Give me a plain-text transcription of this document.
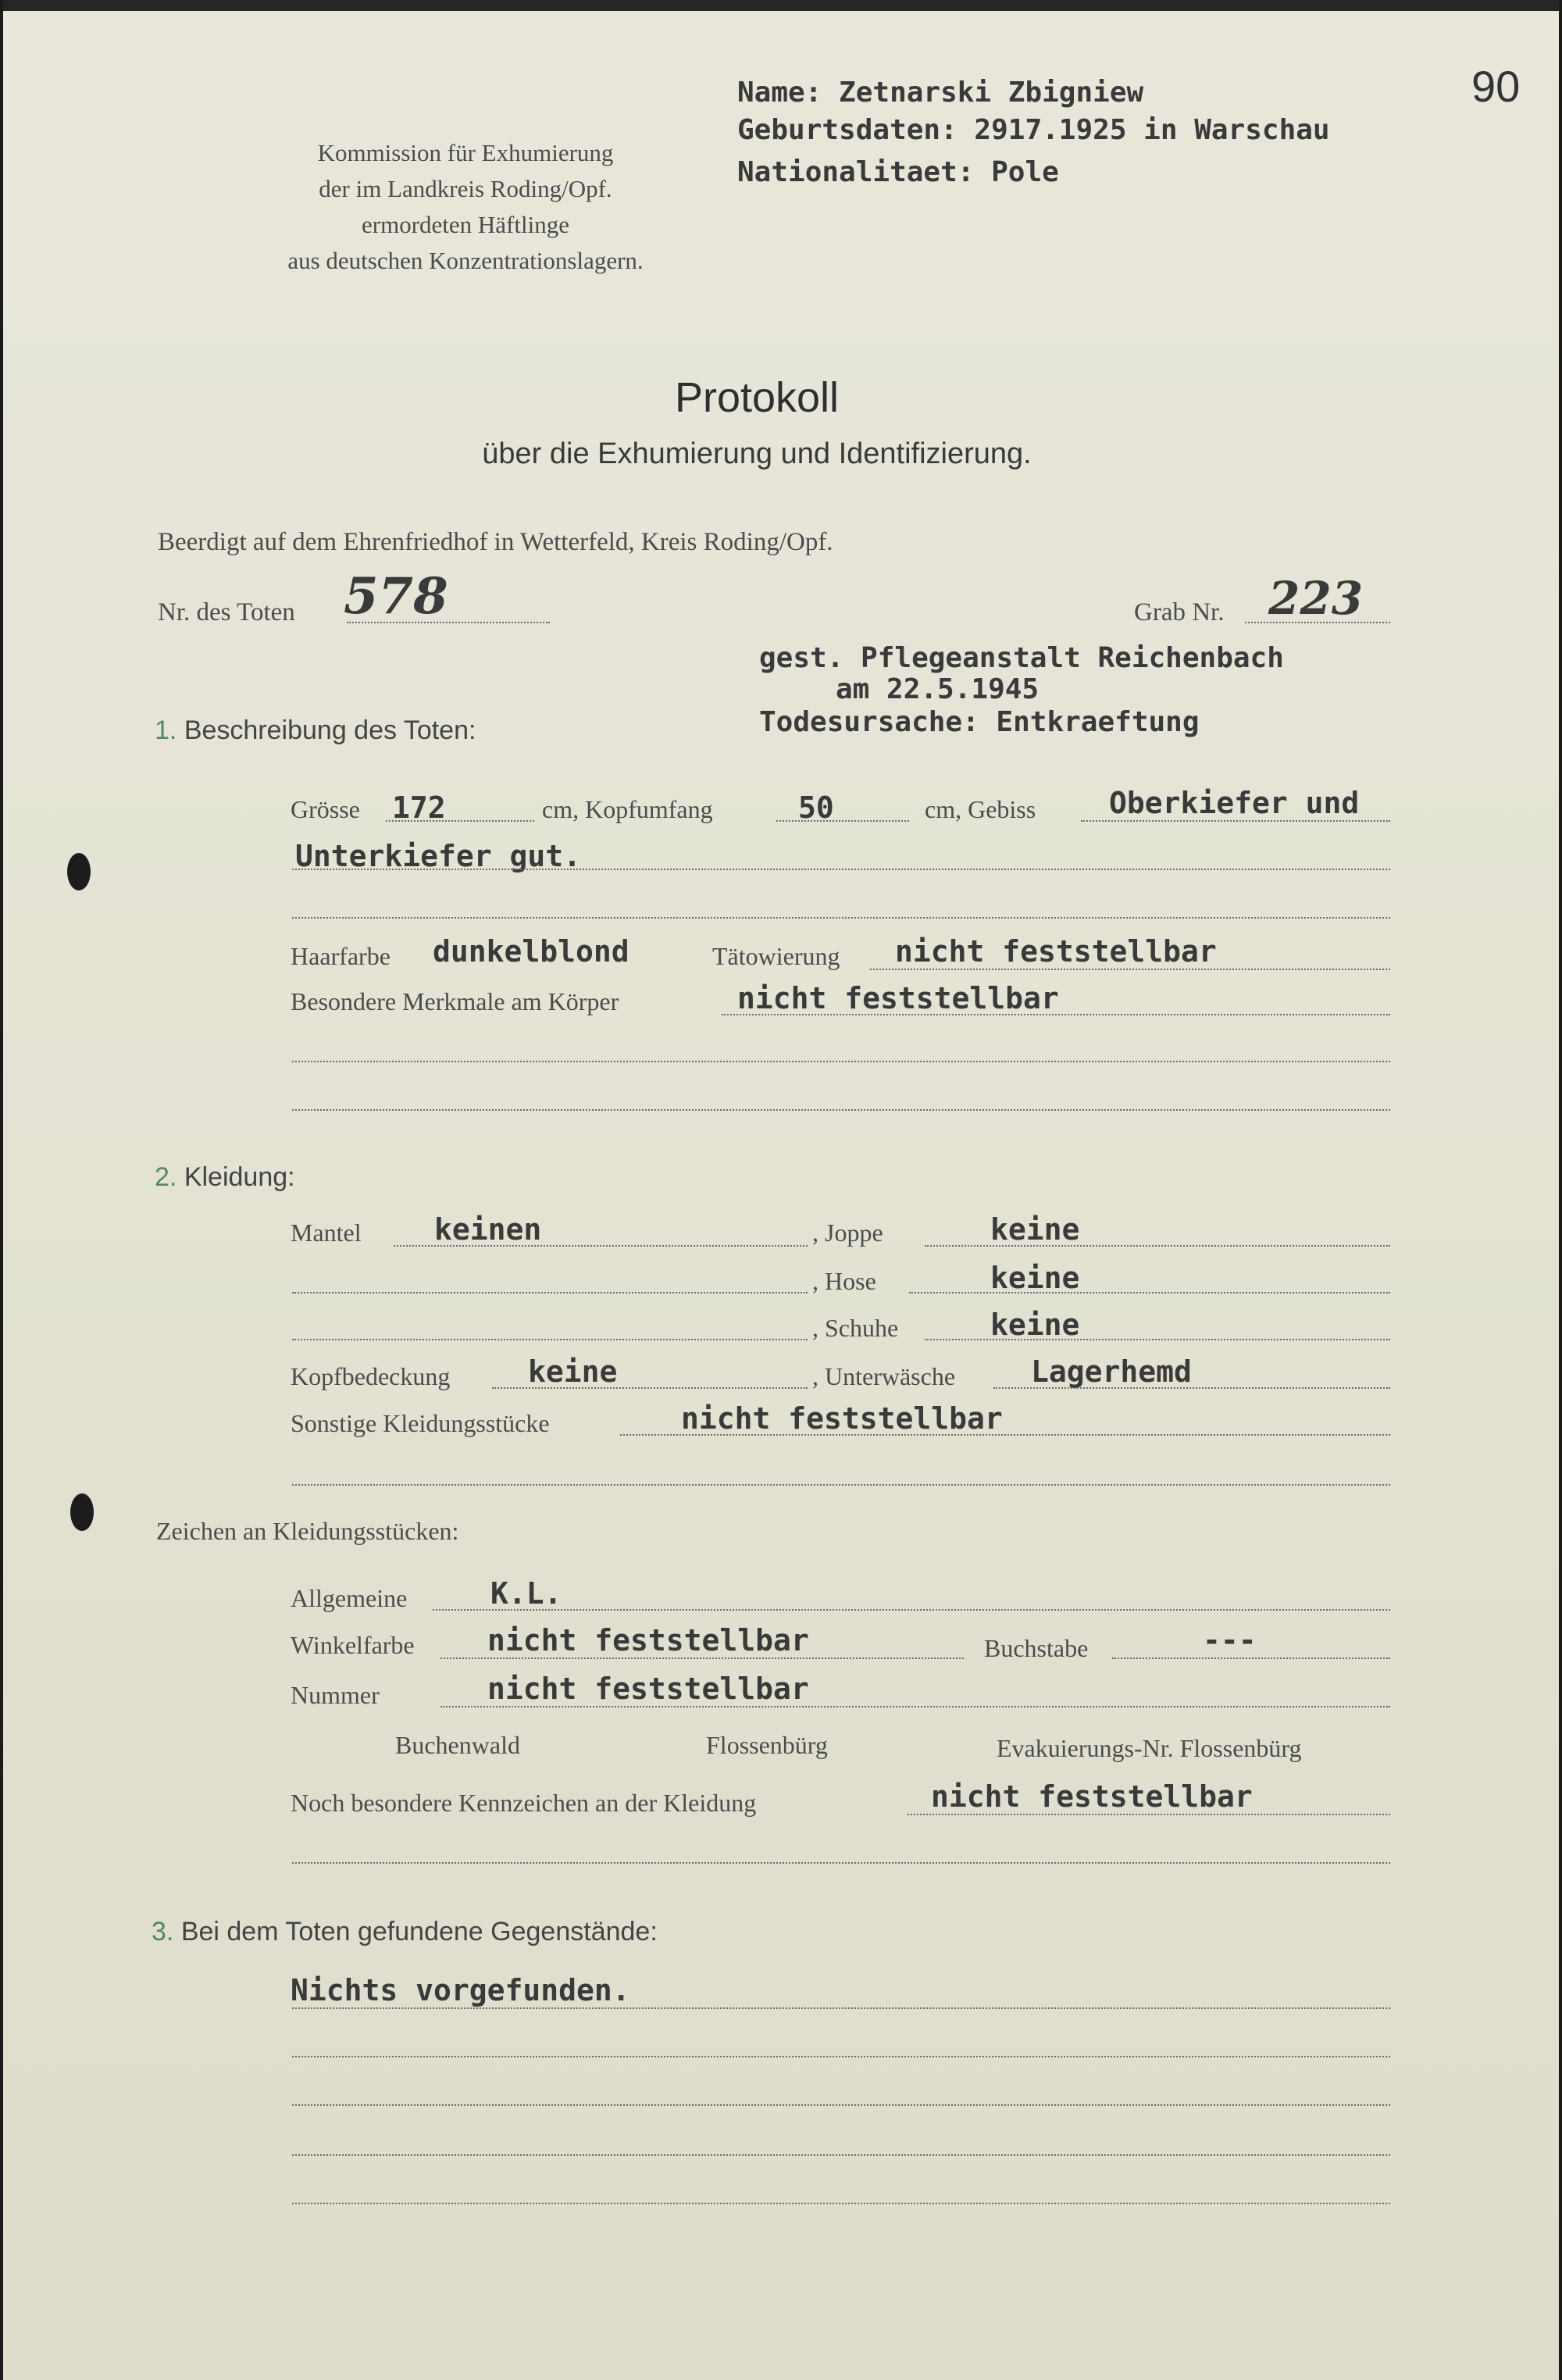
90
Kommission für Exhumierung
der im Landkreis Roding/Opf.
ermordeten Häftlinge
aus deutschen Konzentrationslagern.
Name: Zetnarski Zbigniew
Geburtsdaten: 2917.1925 in Warschau
Nationalitaet: Pole
Protokoll
über die Exhumierung und Identifizierung.
Beerdigt auf dem Ehrenfriedhof in Wetterfeld, Kreis Roding/Opf.
Nr. des Toten 578	Grab Nr. 223
gest. Pflegeanstalt Reichenbach
am 22.5.1945
Todesursache: Entkraeftung
1. Beschreibung des Toten:
Grösse 172	cm, Kopfumfang	50	cm, Gebiss Oberkiefer und
Unterkiefer gut.
Haarfarbe dunkelblond	Tätowierung nicht feststellbar
Besondere Merkmale am Körper	nicht feststellbar
2. Kleidung:
Mantel keinen	, Joppe	keine
, Hose	keine
, Schuhe	keine
Kopfbedeckung	keine	, Unterwäsche	Lagerhemd
Sonstige Kleidungsstücke	nicht feststellbar
Zeichen an Kleidungsstücken:
Allgemeine	K.L.
Winkelfarbe nicht feststellbar	Buchstabe	---
Nummer	nicht feststellbar
Buchenwald	Flossenbürg	Evakuierungs-Nr. Flossenbürg
Noch besondere Kennzeichen an der Kleidung	nicht feststellbar
3. Bei dem Toten gefundene Gegenstände:
Nichts vorgefunden.
